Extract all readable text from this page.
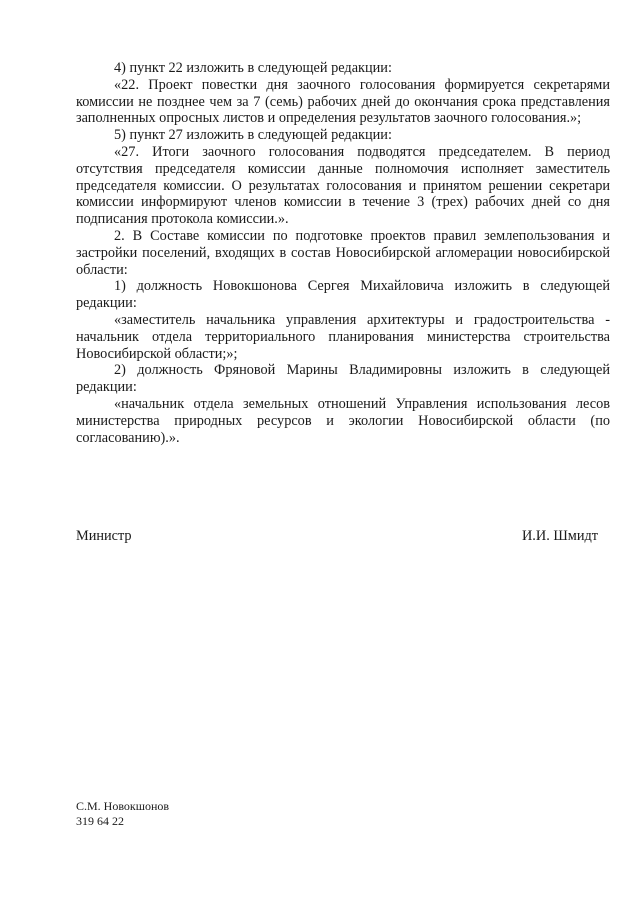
4) пункт 22 изложить в следующей редакции:

«22. Проект повестки дня заочного голосования формируется секретарями комиссии не позднее чем за 7 (семь) рабочих дней до окончания срока представления заполненных опросных листов и определения результатов заочного голосования.»;

5) пункт 27 изложить в следующей редакции:

«27. Итоги заочного голосования подводятся председателем. В период отсутствия председателя комиссии данные полномочия исполняет заместитель председателя комиссии. О результатах голосования и принятом решении секретари комиссии информируют членов комиссии в течение 3 (трех) рабочих дней со дня подписания протокола комиссии.».

2. В Составе комиссии по подготовке проектов правил землепользования и застройки поселений, входящих в состав Новосибирской агломерации новосибирской области:

1) должность Новокшонова Сергея Михайловича изложить в следующей редакции:

«заместитель начальника управления архитектуры и градостроительства - начальник отдела территориального планирования министерства строительства Новосибирской области;»;

2) должность Фряновой Марины Владимировны изложить в следующей редакции:

«начальник отдела земельных отношений Управления использования лесов министерства природных ресурсов и экологии Новосибирской области (по согласованию).».

Министр	И.И. Шмидт
С.М. Новокшонов
319 64 22
